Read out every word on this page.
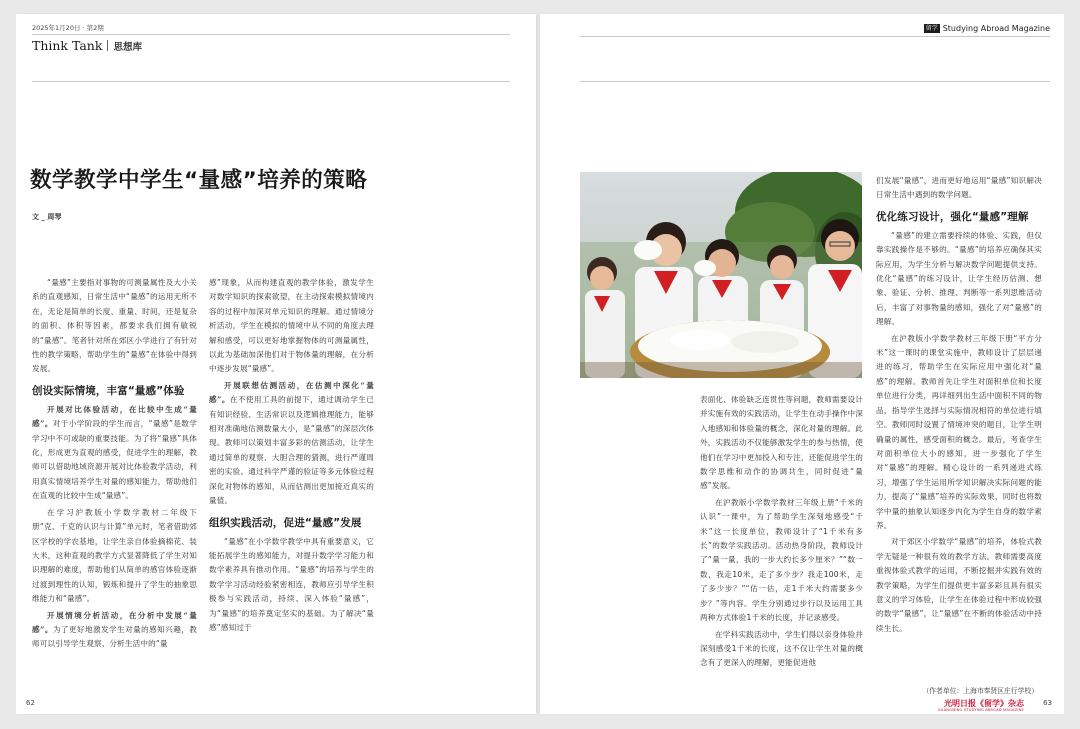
2025年1月20日 · 第2期
Think Tank 思想库
数学教学中学生“量感”培养的策略
文 _ 周琴

“量感”主要指对事物的可测量属性及大小关系的直观感知，日常生活中“量感”的运用无所不在，无论是简单的长度、重量、时间，还是复杂的面积、体积等因素，都要求我们拥有敏锐的“量感”。笔者针对所在郊区小学进行了有针对性的教学策略，帮助学生的“量感”在体验中得到发展。

创设实际情境，丰富“量感”体验

开展对比体验活动，在比较中生成“量感”。

对于小学阶段的学生而言，“量感”是数学学习中不可或缺的重要技能。为了将“量感”具体化，形成更为直观的感受，促进学生的理解，教师可以借助地域资源开展对比体验教学活动，利用真实情境培养学生对量的感知能力，帮助他们在直观的比较中生成“量感”。

在学习沪教版小学数学教材二年级下册“克、千克的认识与计算”单元时，笔者借助郊区学校的学农基地，让学生亲自体验摘棉花、装大米，这种直观的教学方式显著降低了学生对知识理解的难度，帮助他们从简单的感官体验逐渐过渡到理性的认知，锻炼和提升了学生的抽象思维能力和“量感”。

开展情境分析活动，在分析中发展“量感”。

为了更好地激发学生对量的感知兴趣，教师可以引导学生观察、分析生活中的“量

感”现象，从而构建直观的教学体验，激发学生对数学知识的探索欲望，在主动探索模拟情境内容的过程中加深对单元知识的理解。通过情境分析活动，学生在模拟的情境中从不同的角度去理解和感受，可以更好地掌握物体的可测量属性，以此为基础加深他们对于物体量的理解，在分析中逐步发展“量感”。

开展联想估测活动，在估测中深化“量感”。

在不使用工具的前提下，通过调动学生已有知识经验、生活常识以及逻辑推理能力，能够相对准确地估测数量大小，是“量感”的深层次体现。教师可以策划丰富多彩的估测活动，让学生通过简单的观察、大胆合理的猜测，进行严谨周密的实验。通过科学严谨的验证等多元体验过程深化对物体的感知，从而估测出更加接近真实的量值。

组织实践活动，促进“量感”发展

“量感”在小学数学教学中具有重要意义，它能拓展学生的感知能力，对提升数学学习能力和数学素养具有推动作用。“量感”的培养与学生的数学学习活动经验紧密相连，教师应引导学生积极参与实践活动，持续、深入体验“量感”，为“量感”的培养奠定坚实的基础。为了解决“量感”感知过于

62
留学 Studying Abroad Magazine

表面化、体验缺乏连贯性等问题，教师需要设计并实施有效的实践活动，让学生在动手操作中深入地感知和体验量的概念，深化对量的理解。此外，实践活动不仅能够激发学生的参与热情，使他们在学习中更加投入和专注，还能促进学生的数学思维和动作的协调共生，同时促进“量感”发展。

在沪教版小学数学教材三年级上册“千米的认识”一课中，为了帮助学生深刻地感受“千米”这一长度单位，教师设计了“1千米有多长”的数学实践活动。活动热身阶段，教师设计了“量一量，我的一步大约长多少厘米？”“数一数，我走10米，走了多少步？我走100米，走了多少步？”“估一估，走1千米大约需要多少步？”等内容。学生分别通过步行以及运用工具两种方式体验1千米的长度，并记录感受。

在学科实践活动中，学生们得以亲身体验并深刻感受1千米的长度，这不仅让学生对量的概念有了更深入的理解，更能促进他

们发展“量感”，进而更好地运用“量感”知识解决日常生活中遇到的数学问题。

优化练习设计，强化“量感”理解

“量感”的建立需要持续的体验、实践，但仅靠实践操作是不够的。“量感”的培养应确保其实际应用，为学生分析与解决数学问题提供支持。优化“量感”的练习设计，让学生经历估测、想象、验证、分析、推理、判断等一系列思维活动后，丰富了对事物量的感知，强化了对“量感”的理解。

在沪教版小学数学教材三年级下册“平方分米”这一课时的课堂实施中，教师设计了层层递进的练习，帮助学生在实际应用中强化对“量感”的理解。教师首先让学生对面积单位和长度单位进行分类，再详细列出生活中面积不同的物品，指导学生选择与实际情况相符的单位进行填空。教师同时设置了情境冲突的题目，让学生明确量的属性，感受面积的概念。最后，考查学生对面积单位大小的感知，进一步强化了学生对“量感”的理解。精心设计的一系列递进式练习，增强了学生运用所学知识解决实际问题的能力，提高了“量感”培养的实际效果，同时也将数学中量的抽象认知逐步内化为学生自身的数学素养。

对于郊区小学数学“量感”的培养，体验式教学无疑是一种很有效的教学方法。教师需要高度重视体验式教学的运用，不断挖掘并实践有效的教学策略，为学生们提供更丰富多彩且具有很实意义的学习体验，让学生在体验过程中形成较强的数学“量感”，让“量感”在不断的体验活动中持续生长。

（作者单位：上海市奉贤区庄行学校）
光明日报《留学》杂志
GUANGMING STUDYING ABROAD MAGAZINE
63
